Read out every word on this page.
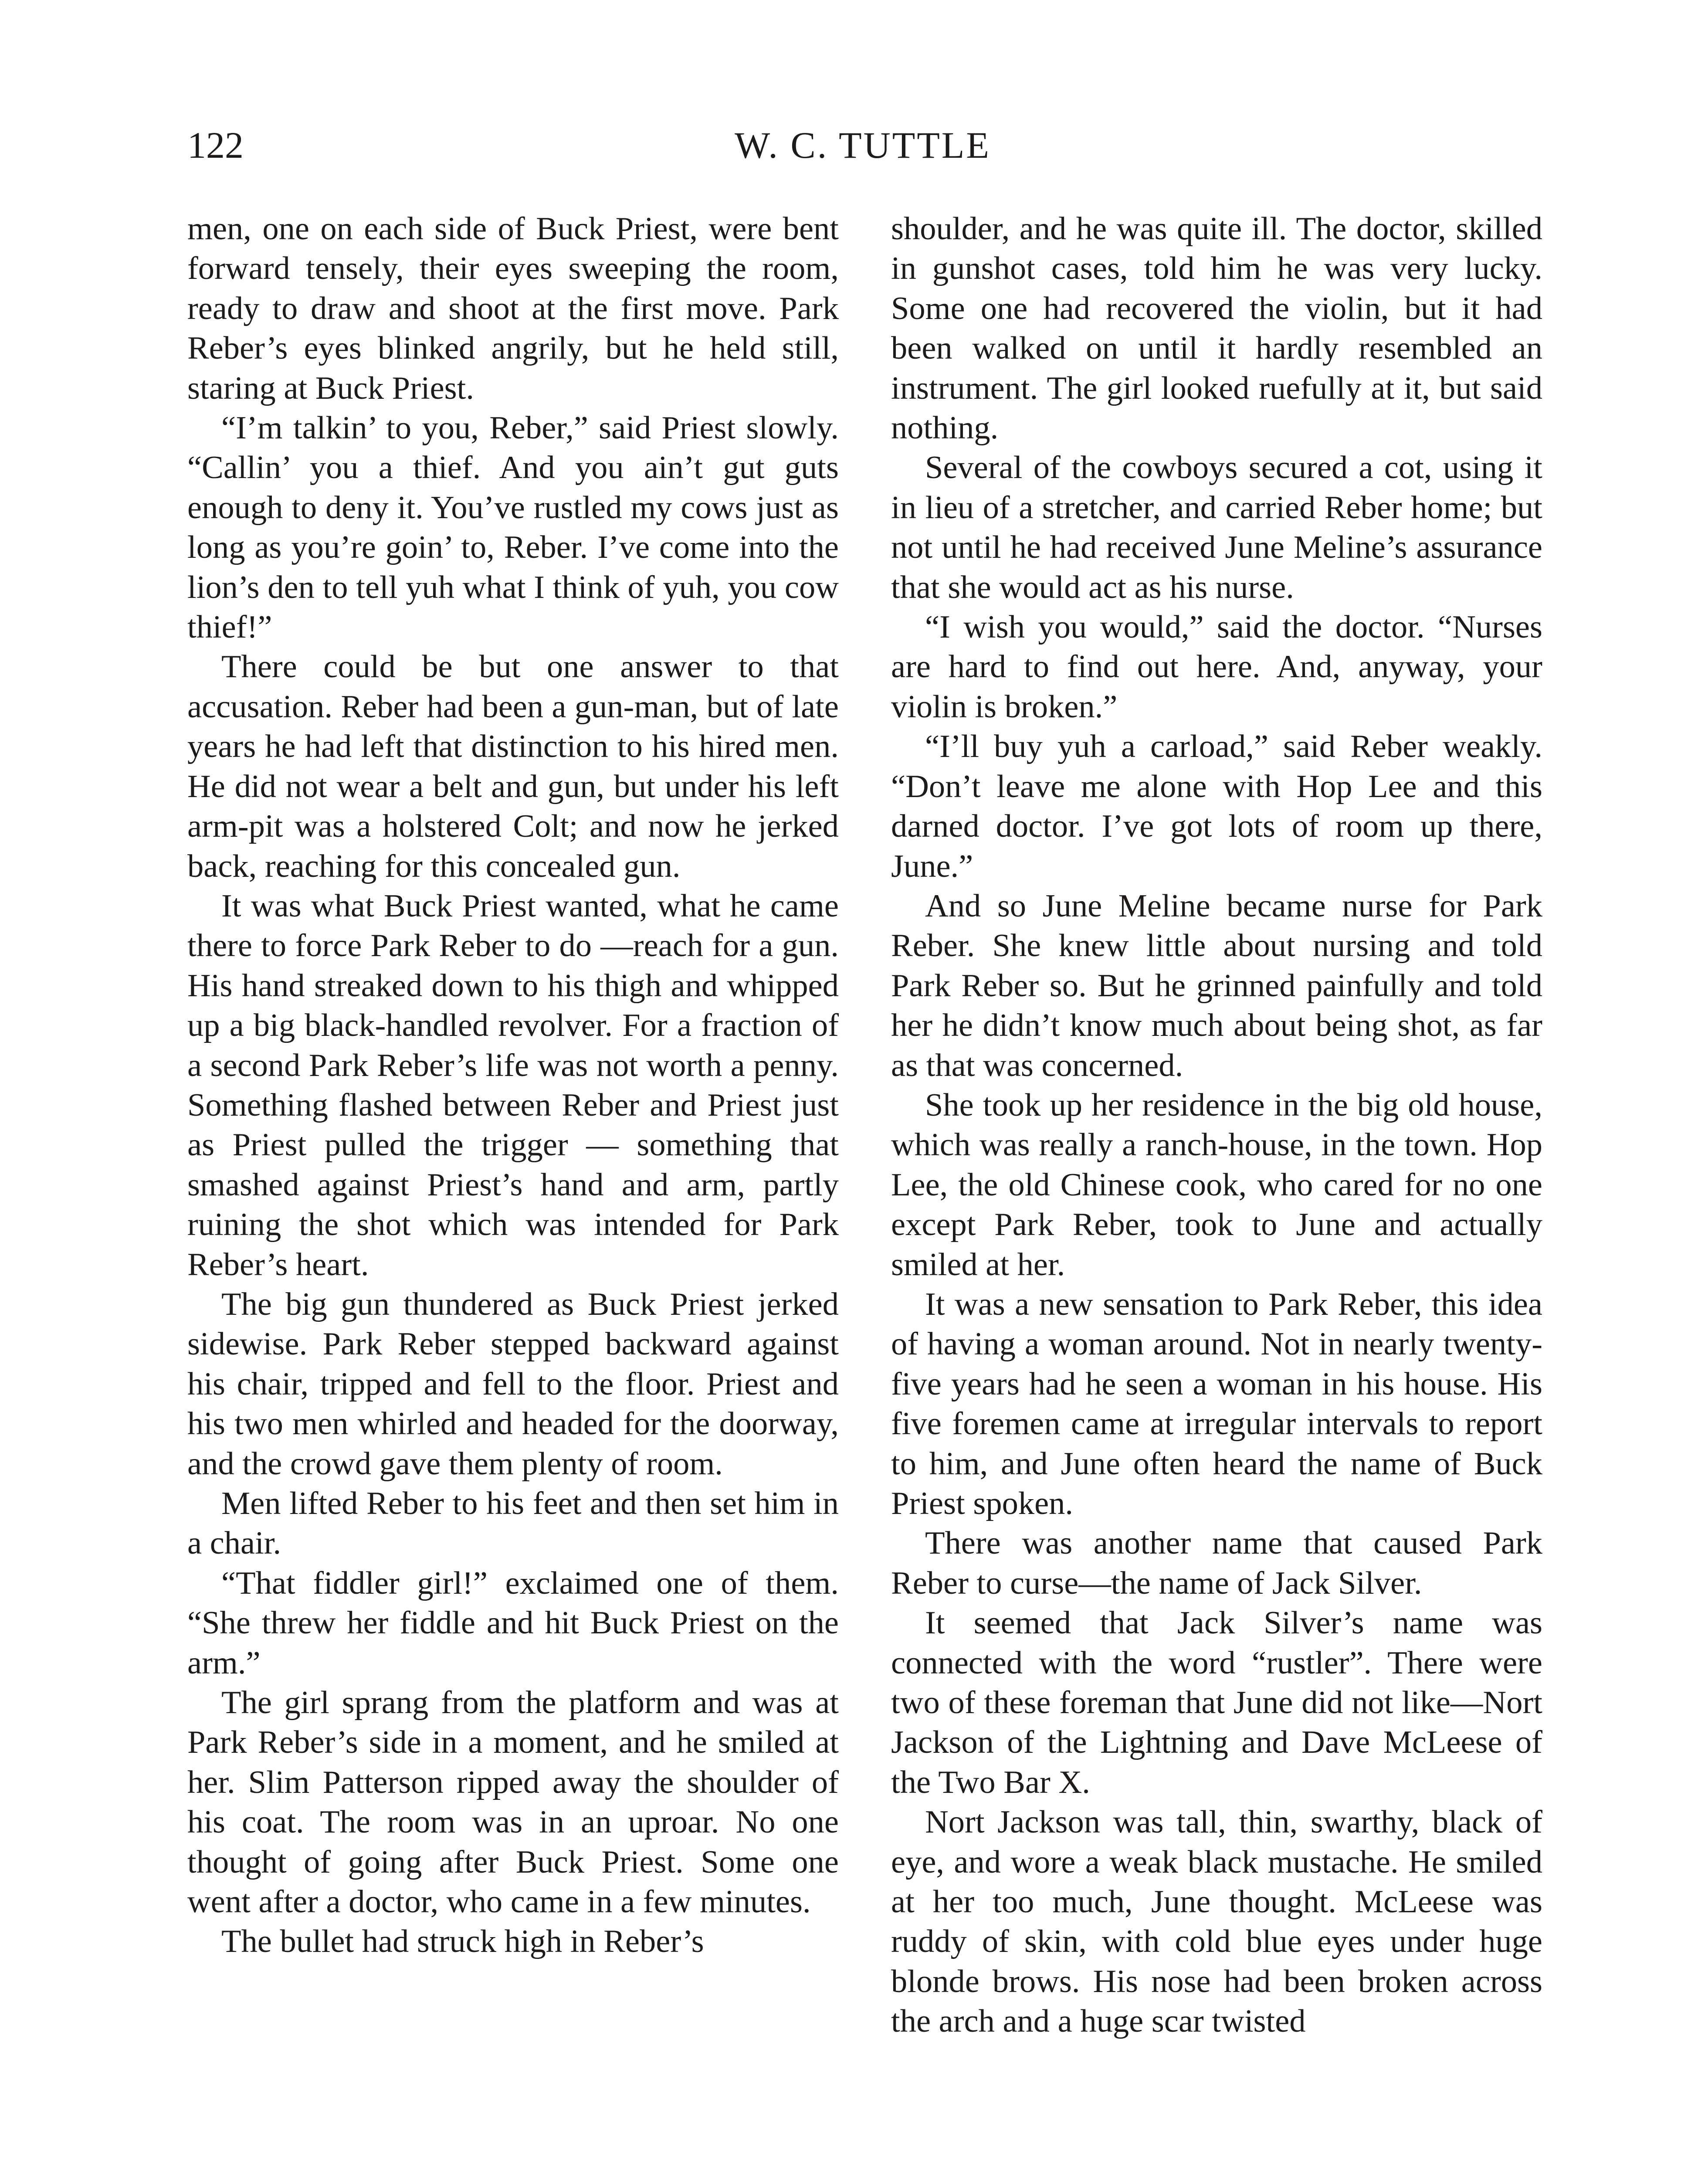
122	W. C. TUTTLE

men, one on each side of Buck Priest, were bent forward tensely, their eyes sweeping the room, ready to draw and shoot at the first move. Park Reber’s eyes blinked angrily, but he held still, staring at Buck Priest.

“I’m talkin’ to you, Reber,” said Priest slowly. “Callin’ you a thief. And you ain’t gut guts enough to deny it. You’ve rustled my cows just as long as you’re goin’ to, Reber. I’ve come into the lion’s den to tell yuh what I think of yuh, you cow thief!”

There could be but one answer to that accusation. Reber had been a gun-man, but of late years he had left that distinction to his hired men. He did not wear a belt and gun, but under his left arm-pit was a holstered Colt; and now he jerked back, reaching for this concealed gun.

It was what Buck Priest wanted, what he came there to force Park Reber to do —reach for a gun. His hand streaked down to his thigh and whipped up a big black-handled revolver. For a fraction of a second Park Reber’s life was not worth a penny. Something flashed between Reber and Priest just as Priest pulled the trigger — something that smashed against Priest’s hand and arm, partly ruining the shot which was intended for Park Reber’s heart.

The big gun thundered as Buck Priest jerked sidewise. Park Reber stepped backward against his chair, tripped and fell to the floor. Priest and his two men whirled and headed for the doorway, and the crowd gave them plenty of room.

Men lifted Reber to his feet and then set him in a chair.

“That fiddler girl!” exclaimed one of them. “She threw her fiddle and hit Buck Priest on the arm.”

The girl sprang from the platform and was at Park Reber’s side in a moment, and he smiled at her. Slim Patterson ripped away the shoulder of his coat. The room was in an uproar. No one thought of going after Buck Priest. Some one went after a doctor, who came in a few minutes.

The bullet had struck high in Reber’s

shoulder, and he was quite ill. The doctor, skilled in gunshot cases, told him he was very lucky. Some one had recovered the violin, but it had been walked on until it hardly resembled an instrument. The girl looked ruefully at it, but said nothing.

Several of the cowboys secured a cot, using it in lieu of a stretcher, and carried Reber home; but not until he had received June Meline’s assurance that she would act as his nurse.

“I wish you would,” said the doctor. “Nurses are hard to find out here. And, anyway, your violin is broken.”

“I’ll buy yuh a carload,” said Reber weakly. “Don’t leave me alone with Hop Lee and this darned doctor. I’ve got lots of room up there, June.”

And so June Meline became nurse for Park Reber. She knew little about nursing and told Park Reber so. But he grinned painfully and told her he didn’t know much about being shot, as far as that was concerned.

She took up her residence in the big old house, which was really a ranch-house, in the town. Hop Lee, the old Chinese cook, who cared for no one except Park Reber, took to June and actually smiled at her.

It was a new sensation to Park Reber, this idea of having a woman around. Not in nearly twenty-five years had he seen a woman in his house. His five foremen came at irregular intervals to report to him, and June often heard the name of Buck Priest spoken.

There was another name that caused Park Reber to curse—the name of Jack Silver.

It seemed that Jack Silver’s name was connected with the word “rustler”. There were two of these foreman that June did not like—Nort Jackson of the Lightning and Dave McLeese of the Two Bar X.

Nort Jackson was tall, thin, swarthy, black of eye, and wore a weak black mustache. He smiled at her too much, June thought. McLeese was ruddy of skin, with cold blue eyes under huge blonde brows. His nose had been broken across the arch and a huge scar twisted
